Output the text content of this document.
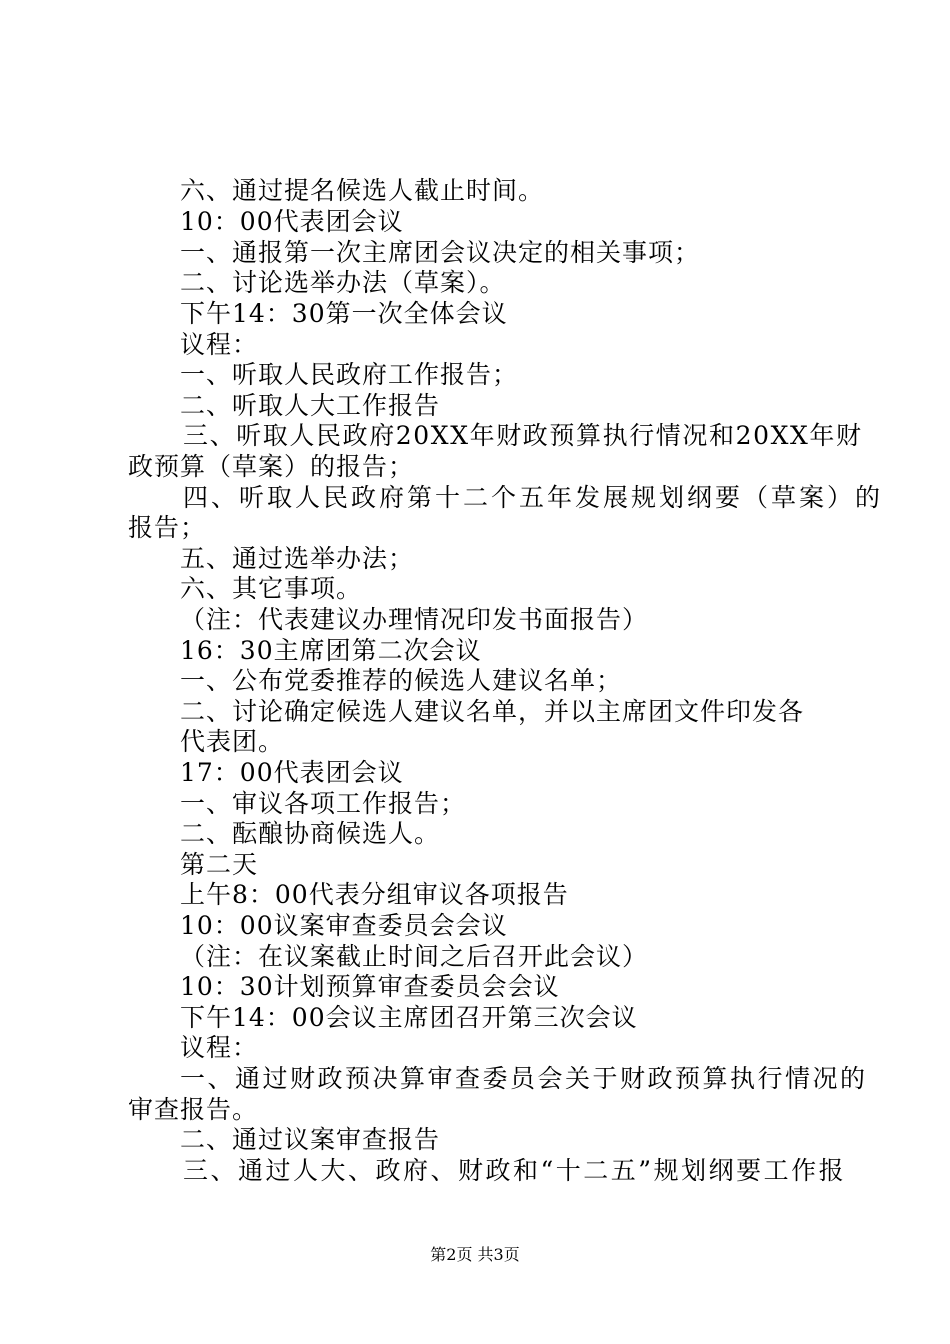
六、通过提名候选人截止时间。
10：00代表团会议
一、通报第一次主席团会议决定的相关事项；
二、讨论选举办法（草案）。
下午14：30第一次全体会议
议程：
一、听取人民政府工作报告；
二、听取人大工作报告
三、听取人民政府20XX年财政预算执行情况和20XX年财
政预算（草案）的报告；
四、听取人民政府第十二个五年发展规划纲要（草案）的
报告；
五、通过选举办法；
六、其它事项。
（注：代表建议办理情况印发书面报告）
16：30主席团第二次会议
一、公布党委推荐的候选人建议名单；
二、讨论确定候选人建议名单，并以主席团文件印发各
代表团。
17：00代表团会议
一、审议各项工作报告；
二、酝酿协商候选人。
第二天
上午8：00代表分组审议各项报告
10：00议案审查委员会会议
（注：在议案截止时间之后召开此会议）
10：30计划预算审查委员会会议
下午14：00会议主席团召开第三次会议
议程：
一、通过财政预决算审查委员会关于财政预算执行情况的
审查报告。
二、通过议案审查报告
三、通过人大、政府、财政和“十二五”规划纲要工作报
第2页 共3页
